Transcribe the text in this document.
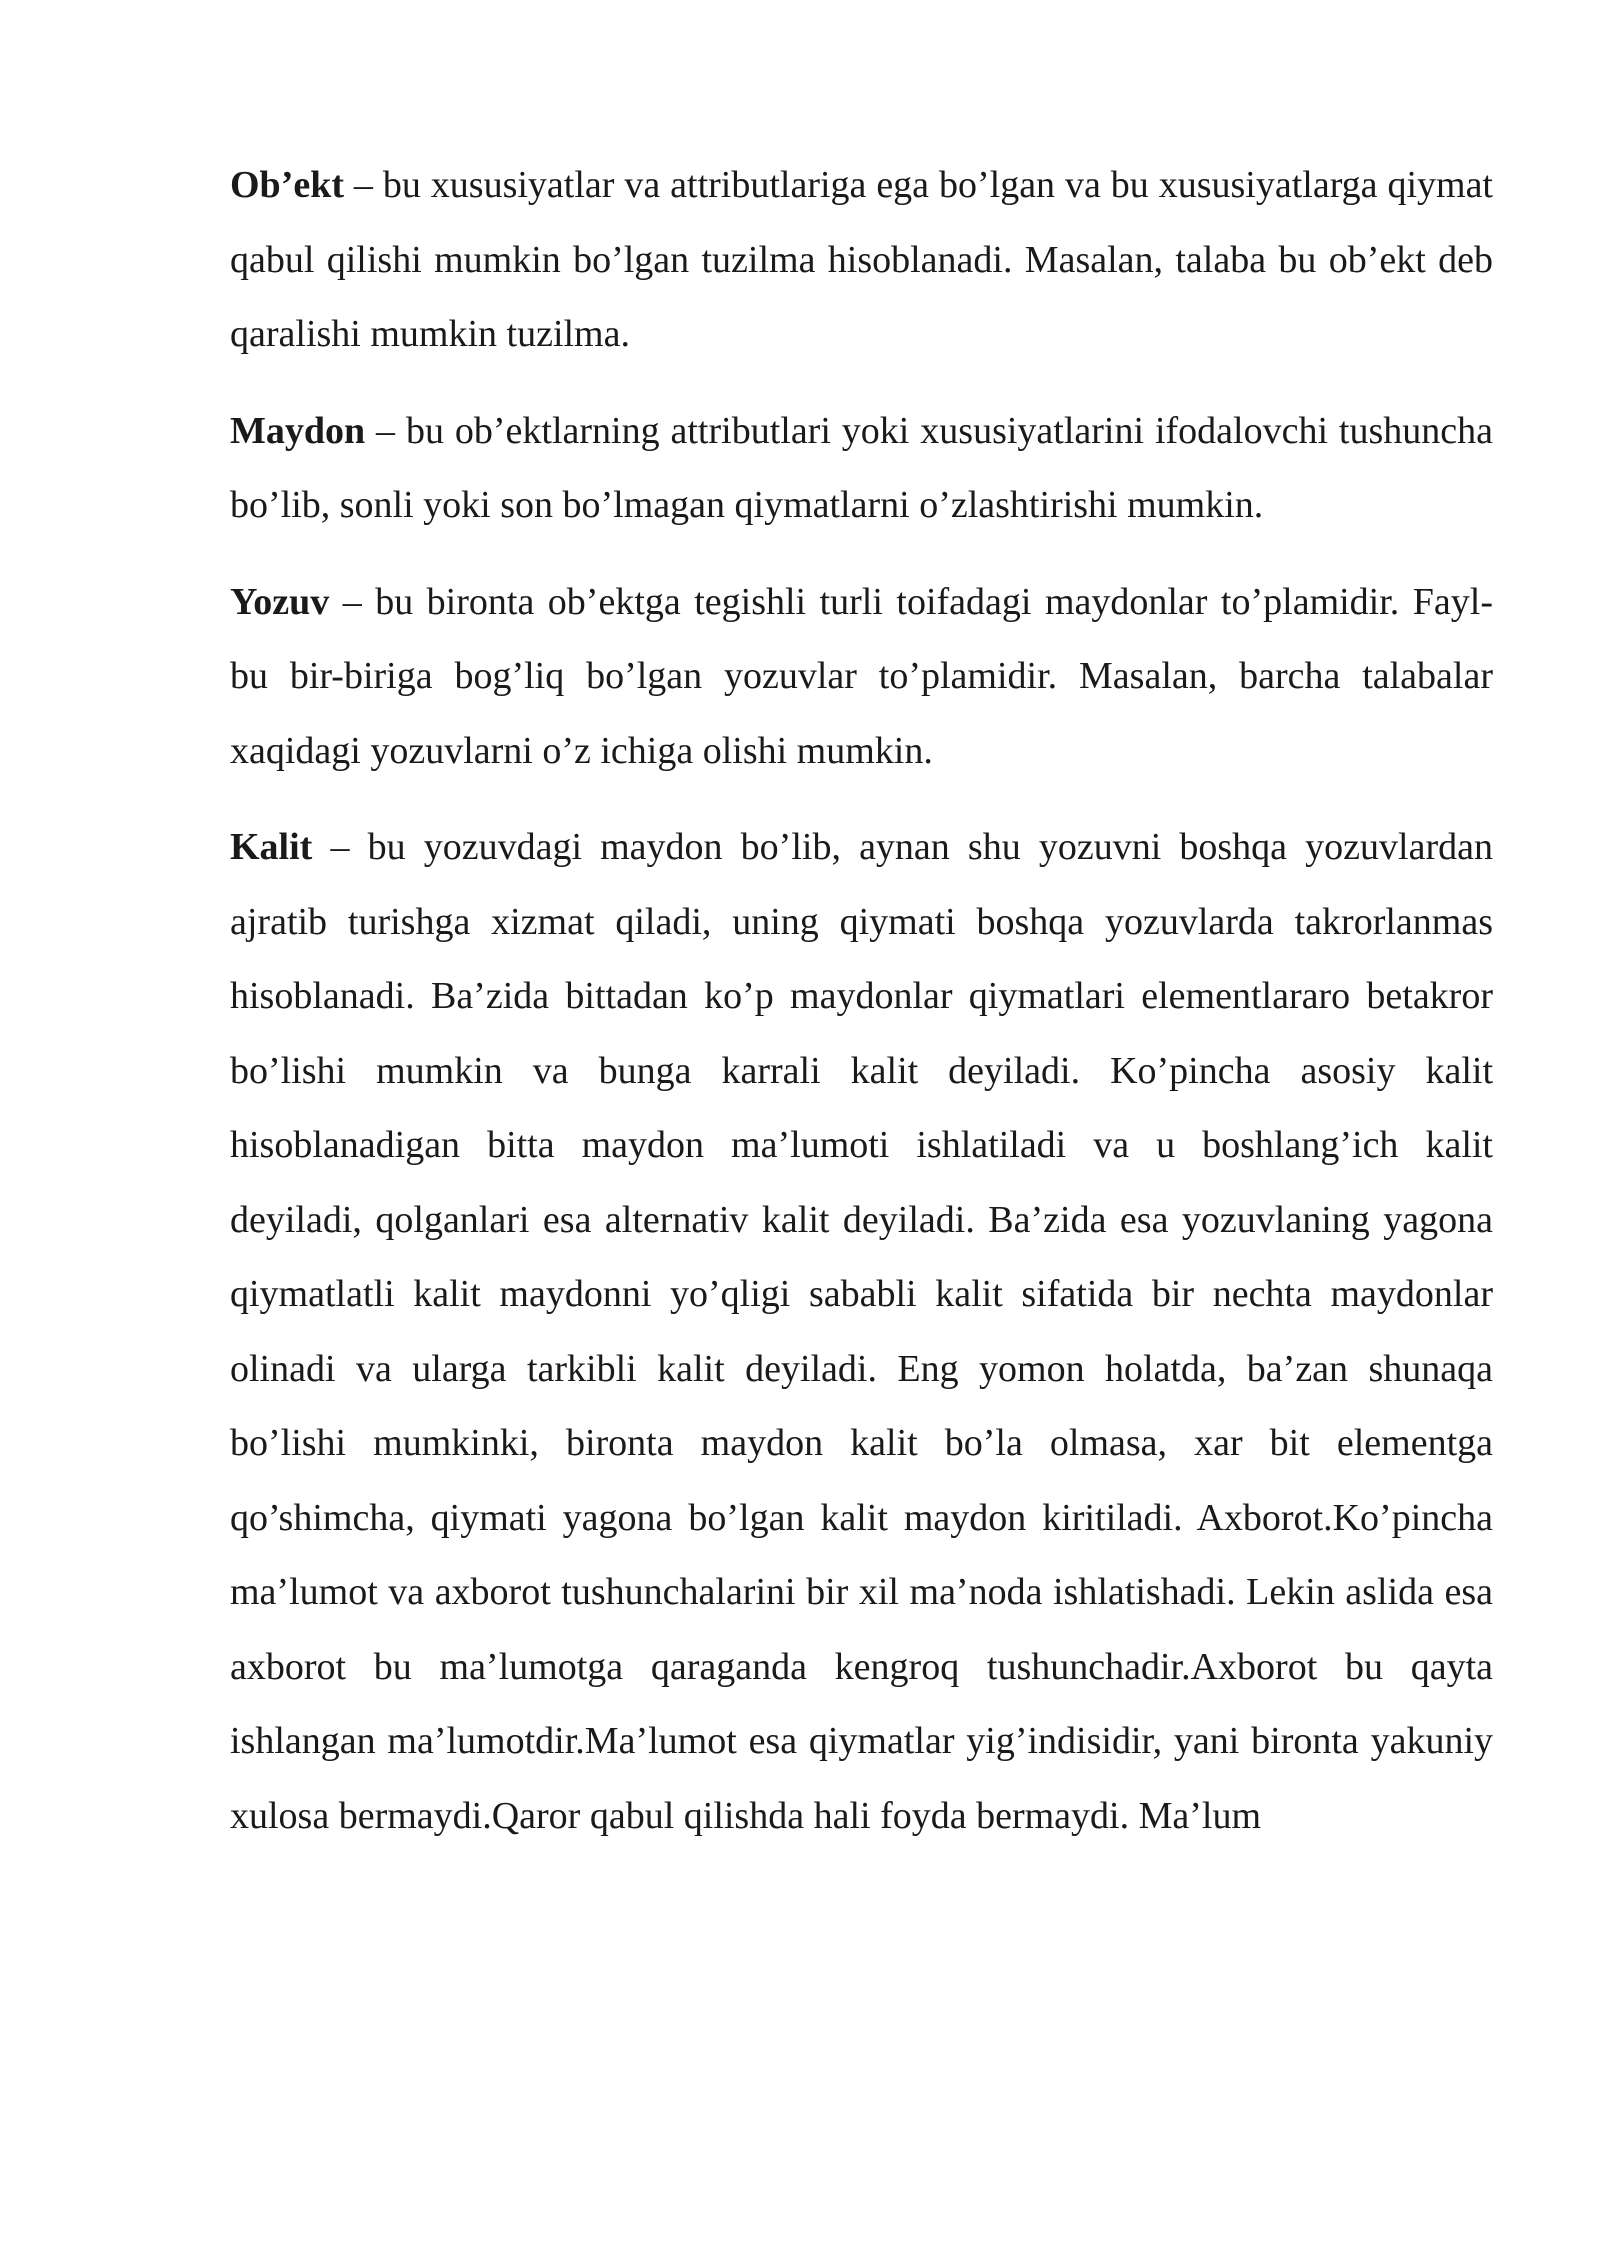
Ob’ekt – bu xususiyatlar va attributlariga ega bo’lgan va bu xususiyatlarga qiymat qabul qilishi mumkin bo’lgan tuzilma hisoblanadi. Masalan, talaba bu ob’ekt deb qaralishi mumkin tuzilma.

Maydon – bu ob’ektlarning attributlari yoki xususiyatlarini ifodalovchi tushuncha bo’lib, sonli yoki son bo’lmagan qiymatlarni o’zlashtirishi mumkin.

Yozuv – bu bironta ob’ektga tegishli turli toifadagi maydonlar to’plamidir. Fayl- bu bir-biriga bog’liq bo’lgan yozuvlar to’plamidir. Masalan, barcha talabalar xaqidagi yozuvlarni o’z ichiga olishi mumkin.

Kalit – bu yozuvdagi maydon bo’lib, aynan shu yozuvni boshqa yozuvlardan ajratib turishga xizmat qiladi, uning qiymati boshqa yozuvlarda takrorlanmas hisoblanadi. Ba’zida bittadan ko’p maydonlar qiymatlari elementlararo betakror bo’lishi mumkin va bunga karrali kalit deyiladi. Ko’pincha asosiy kalit hisoblanadigan bitta maydon ma’lumoti ishlatiladi va u boshlang’ich kalit deyiladi, qolganlari esa alternativ kalit deyiladi. Ba’zida esa yozuvlaning yagona qiymatlatli kalit maydonni yo’qligi sababli kalit sifatida bir nechta maydonlar olinadi va ularga tarkibli kalit deyiladi. Eng yomon holatda, ba’zan shunaqa bo’lishi mumkinki, bironta maydon kalit bo’la olmasa, xar bit elementga qo’shimcha, qiymati yagona bo’lgan kalit maydon kiritiladi. Axborot.Ko’pincha ma’lumot va axborot tushunchalarini bir xil ma’noda ishlatishadi. Lekin aslida esa axborot bu ma’lumotga qaraganda kengroq tushunchadir.Axborot bu qayta ishlangan ma’lumotdir.Ma’lumot esa qiymatlar yig’indisidir, yani bironta yakuniy xulosa bermaydi.Qaror qabul qilishda hali foyda bermaydi. Ma’lum
